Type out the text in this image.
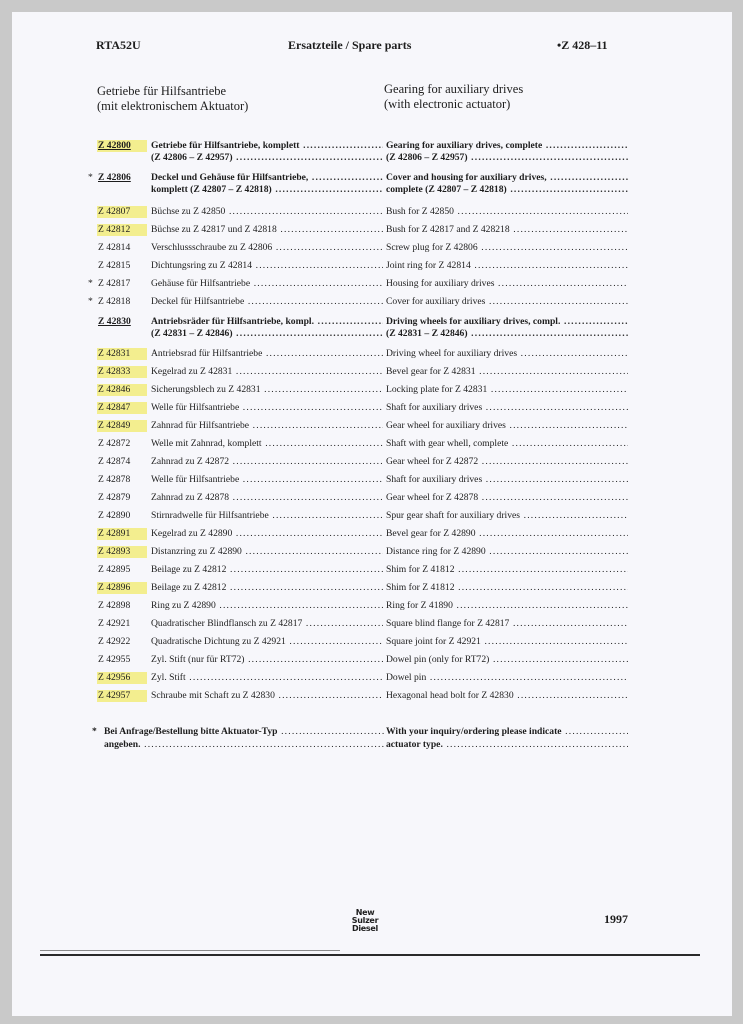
RTA52U	Ersatzteile / Spare parts	•Z 428–11
Getriebe für Hilfsantriebe
(mit elektronischem Aktuator)
Gearing for auxiliary drives
(with electronic actuator)
Z 42800	Getriebe für Hilfsantriebe, komplett .....	Gearing for auxiliary drives, complete .....
(Z 42806 – Z 42957) .....	(Z 42806 – Z 42957) .....
* Z 42806	Deckel und Gehäuse für Hilfsantriebe, .....	Cover and housing for auxiliary drives, .....
komplett (Z 42807 – Z 42818) .....	complete (Z 42807 – Z 42818) .....
Z 42807	Büchse zu Z 42850 .....	Bush for Z 42850 .....
Z 42812	Büchse zu Z 42817 und Z 42818 .....	Bush for Z 42817 and Z 428218 .....
Z 42814	Verschlussschraube zu Z 42806 .....	Screw plug for Z 42806 .....
Z 42815	Dichtungsring zu Z 42814 .....	Joint ring for Z 42814 .....
* Z 42817	Gehäuse für Hilfsantriebe .....	Housing for auxiliary drives .....
* Z 42818	Deckel für Hilfsantriebe .....	Cover for auxiliary drives .....
Z 42830	Antriebsräder für Hilfsantriebe, kompl. .....	Driving wheels for auxiliary drives, compl. .....
(Z 42831 – Z 42846) .....	(Z 42831 – Z 42846) .....
Z 42831	Antriebsrad für Hilfsantriebe .....	Driving wheel for auxiliary drives .....
Z 42833	Kegelrad zu Z 42831 .....	Bevel gear for Z 42831 .....
Z 42846	Sicherungsblech zu Z 42831 .....	Locking plate for Z 42831 .....
Z 42847	Welle für Hilfsantriebe .....	Shaft for auxiliary drives .....
Z 42849	Zahnrad für Hilfsantriebe .....	Gear wheel for auxiliary drives .....
Z 42872	Welle mit Zahnrad, komplett .....	Shaft with gear whell, complete .....
Z 42874	Zahnrad zu Z 42872 .....	Gear wheel for Z 42872 .....
Z 42878	Welle für Hilfsantriebe .....	Shaft for auxiliary drives .....
Z 42879	Zahnrad zu Z 42878 .....	Gear wheel for Z 42878 .....
Z 42890	Stirnradwelle für Hilfsantriebe .....	Spur gear shaft for auxiliary drives .....
Z 42891	Kegelrad zu Z 42890 .....	Bevel gear for Z 42890 .....
Z 42893	Distanzring zu Z 42890 .....	Distance ring for Z 42890 .....
Z 42895	Beilage zu Z 42812 .....	Shim for Z 41812 .....
Z 42896	Beilage zu Z 42812 .....	Shim for Z 41812 .....
Z 42898	Ring zu Z 42890 .....	Ring for Z 41890 .....
Z 42921	Quadratischer Blindflansch zu Z 42817 .....	Square blind flange for Z 42817 .....
Z 42922	Quadratische Dichtung zu Z 42921 .....	Square joint for Z 42921 .....
Z 42955	Zyl. Stift (nur für RT72) .....	Dowel pin (only for RT72) .....
Z 42956	Zyl. Stift .....	Dowel pin .....
Z 42957	Schraube mit Schaft zu Z 42830 .....	Hexagonal head bolt for Z 42830 .....
* Bei Anfrage/Bestellung bitte Aktuator-Typ .....
angeben. .....
With your inquiry/ordering please indicate .....
actuator type. .....
New
Sulzer
Diesel
1997
